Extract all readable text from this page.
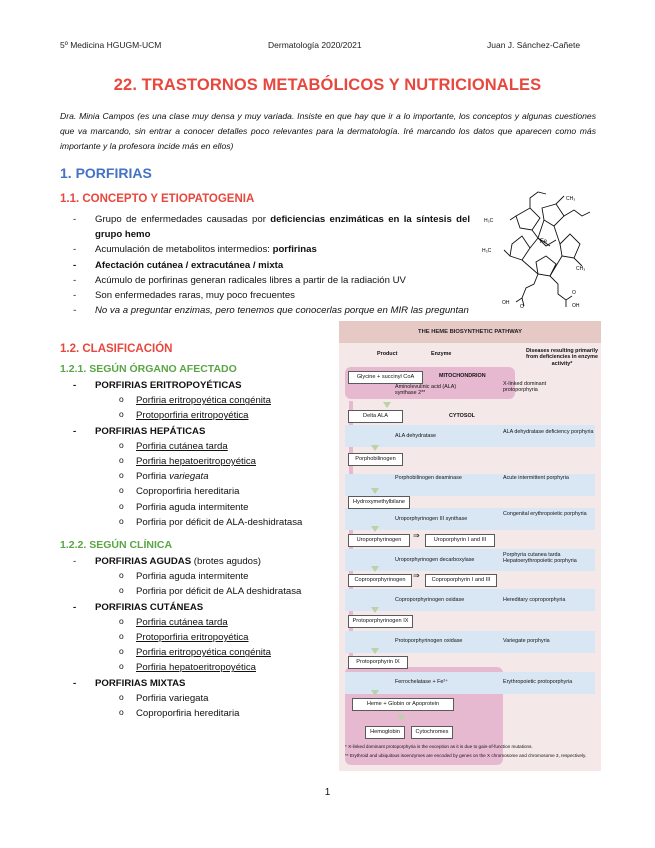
5º Medicina HGUGM-UCM	Dermatología 2020/2021	Juan J. Sánchez-Cañete
22. TRASTORNOS METABÓLICOS Y NUTRICIONALES
Dra. Minia Campos (es una clase muy densa y muy variada. Insiste en que hay que ir a lo importante, los conceptos y algunas cuestiones que va marcando, sin entrar a conocer detalles poco relevantes para la dermatología. Iré marcando los datos que aparecen como más importante y la profesora incide más en ellos)
1. PORFIRIAS
1.1. CONCEPTO Y ETIOPATOGENIA
- Grupo de enfermedades causadas por deficiencias enzimáticas en la síntesis del grupo hemo
- Acumulación de metabolitos intermedios: porfirinas
- Afectación cutánea / extracutánea / mixta
- Acúmulo de porfirinas generan radicales libres a partir de la radiación UV
- Son enfermedades raras, muy poco frecuentes
- No va a preguntar enzimas, pero tenemos que conocerlas porque en MIR las preguntan
Fe
CH₃
H₃C
H₃C
CH₃
OH	OH
O
O
1.2. CLASIFICACIÓN
1.2.1. SEGÚN ÓRGANO AFECTADO
- PORFIRIAS ERITROPOYÉTICAS
o Porfiria eritropoyética congénita
o Protoporfiria eritropoyética
- PORFIRIAS HEPÁTICAS
o Porfiria cutánea tarda
o Porfiria hepatoeritropoyética
o Porfiria variegata
o Coproporfiria hereditaria
o Porfiria aguda intermitente
o Porfiria por déficit de ALA-deshidratasa
1.2.2. SEGÚN CLÍNICA
- PORFIRIAS AGUDAS (brotes agudos)
o Porfiria aguda intermitente
o Porfiria por déficit de ALA deshidratasa
- PORFIRIAS CUTÁNEAS
o Porfiria cutánea tarda
o Protoporfiria eritropoyética
o Porfiria eritropoyética congénita
o Porfiria hepatoeritropoyética
- PORFIRIAS MIXTAS
o Porfiria variegata
o Coproporfiria hereditaria
THE HEME BIOSYNTHETIC PATHWAY
Product	Enzyme	Diseases resulting primarily from deficiencies in enzyme activity*
MITOCHONDRION
CYTOSOL
Glycine + succinyl CoA
Delta ALA
Porphobilinogen
Hydroxymethylbilane
Uroporphyrinogen
Coproporphyrinogen
Protoporphyrinogen IX
Protoporphyrin IX
Heme + Globin or Apoprotein
⇒	Uroporphyrin I and III
⇒	Coproporphyrin I and III
Hemoglobin	Cytochromes
Aminolevulinic acid (ALA) synthase 2**
ALA dehydratase
Porphobilinogen deaminase
Uroporphyrinogen III synthase
Uroporphyrinogen decarboxylase
Coproporphyrinogen oxidase
Protoporphyrinogen oxidase
Ferrochelatase + Fe²⁺
X-linked dominant protoporphyria
ALA dehydratase deficiency porphyria
Acute intermittent porphyria
Congenital erythropoietic porphyria
Porphyria cutanea tarda Hepatoerythropoietic porphyria
Hereditary coproporphyria
Variegate porphyria
Erythropoietic protoporphyria
* X-linked dominant protoporphyria is the exception as it is due to gain-of-function mutations.
** Erythroid and ubiquitous isoenzymes are encoded by genes on the X chromosome and chromosome 3, respectively.
1
